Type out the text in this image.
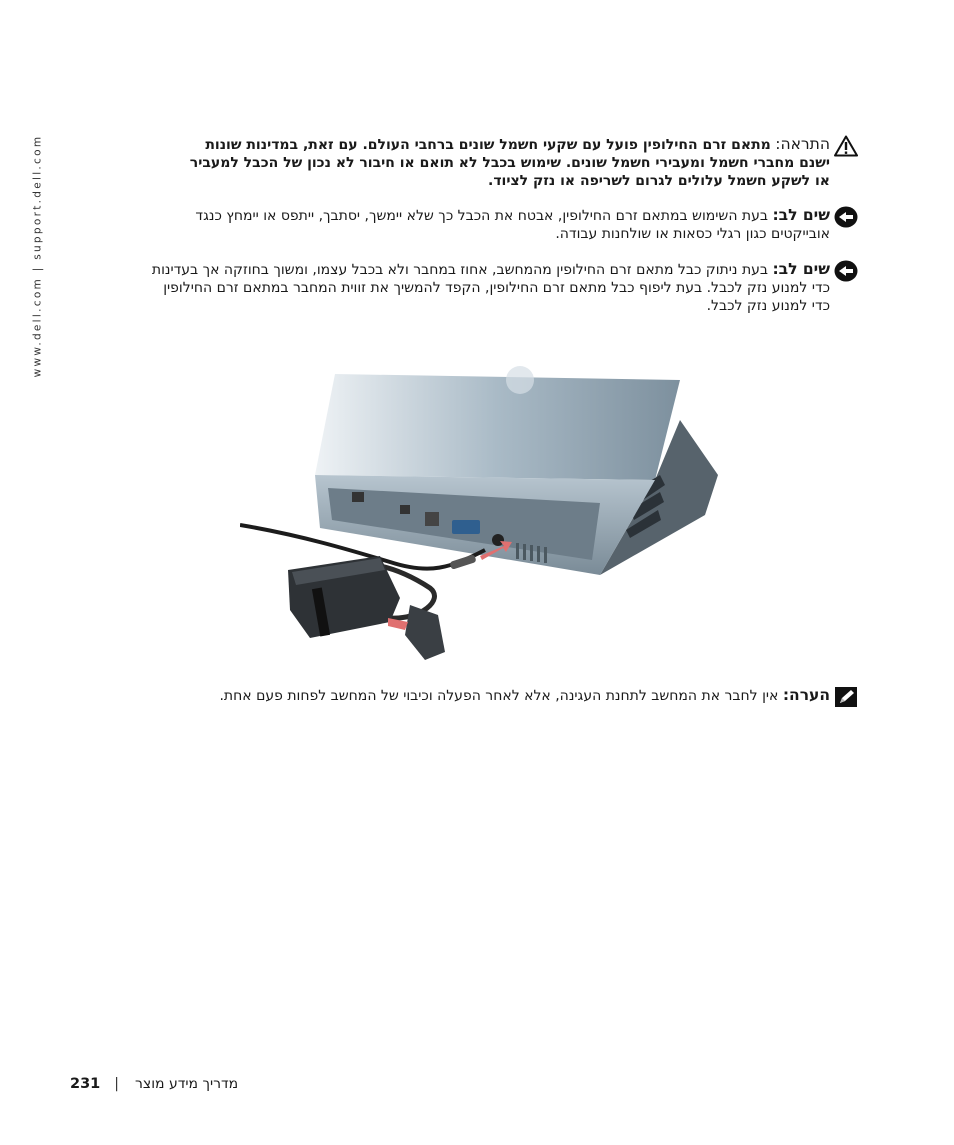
www.dell.com | support.dell.com	התראה: מתאם זרם החילופין פועל עם שקעי חשמל שונים ברחבי העולם. עם זאת, במדינות שונות ישנם מחברי חשמל ומעבירי חשמל שונים. שימוש בכבל לא תואם או חיבור לא נכון של הכבל למעביר או לשקע חשמל עלולים לגרום לשריפה או נזק לציוד.
שים לב: בעת השימוש במתאם זרם החילופין, אבטח את הכבל כך שלא יימשך, יסתבך, ייתפס או יימחץ כנגד אובייקטים כגון רגלי כסאות או שולחנות עבודה.
שים לב: בעת ניתוק כבל מתאם זרם החילופין מהמחשב, אחוז במחבר ולא בכבל עצמו, ומשוך בחוזקה אך בעדינות כדי למנוע נזק לכבל. בעת ליפוף כבל מתאם זרם החילופין, הקפד להמשיך את זווית המחבר במתאם זרם החילופין כדי למנוע נזק לכבל.
הערה: אין לחבר את המחשב לתחנת העגינה, אלא לאחר הפעלה וכיבוי של המחשב לפחות פעם אחת.
231 | מדריך מידע מוצר
